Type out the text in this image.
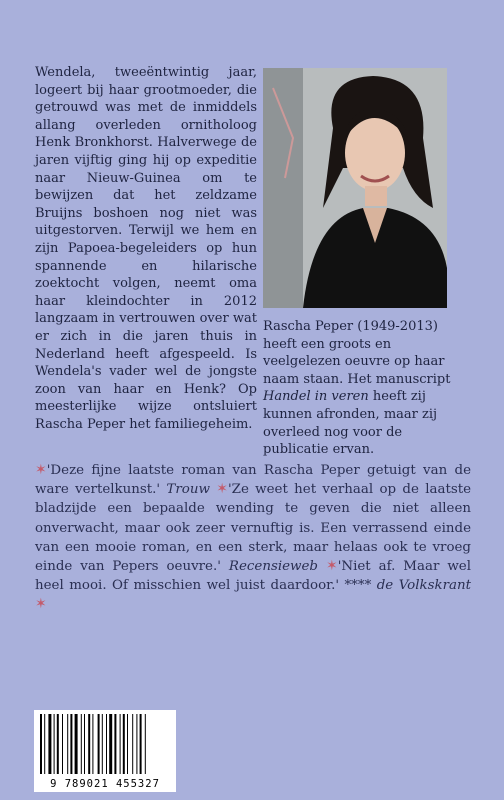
Wendela, tweeëntwintig jaar, logeert bij haar grootmoeder, die getrouwd was met de inmiddels allang overleden ornitholoog Henk Bronkhorst. Halverwege de jaren vijftig ging hij op expeditie naar Nieuw-Guinea om te bewijzen dat het zeldzame Bruijns boshoen nog niet was uitgestorven. Terwijl we hem en zijn Papoea-begeleiders op hun spannende en hilarische zoektocht volgen, neemt oma haar kleindochter in 2012 langzaam in vertrouwen over wat er zich in die jaren thuis in Nederland heeft afgespeeld. Is Wendela's vader wel de jongste zoon van haar en Henk? Op meesterlijke wijze ontsluiert Rascha Peper het familiegeheim.

Rascha Peper (1949-2013) heeft een groots en veelgelezen oeuvre op haar naam staan. Het manuscript Handel in veren heeft zij kunnen afronden, maar zij overleed nog voor de publicatie ervan.

✶'Deze fijne laatste roman van Rascha Peper getuigt van de ware vertelkunst.' Trouw ✶'Ze weet het verhaal op de laatste bladzijde een bepaalde wending te geven die niet alleen onverwacht, maar ook zeer vernuftig is. Een verrassend einde van een mooie roman, en een sterk, maar helaas ook te vroeg einde van Pepers oeuvre.' Recensieweb ✶'Niet af. Maar wel heel mooi. Of misschien wel juist daardoor.' **** de Volkskrant ✶

9 789021 455327
